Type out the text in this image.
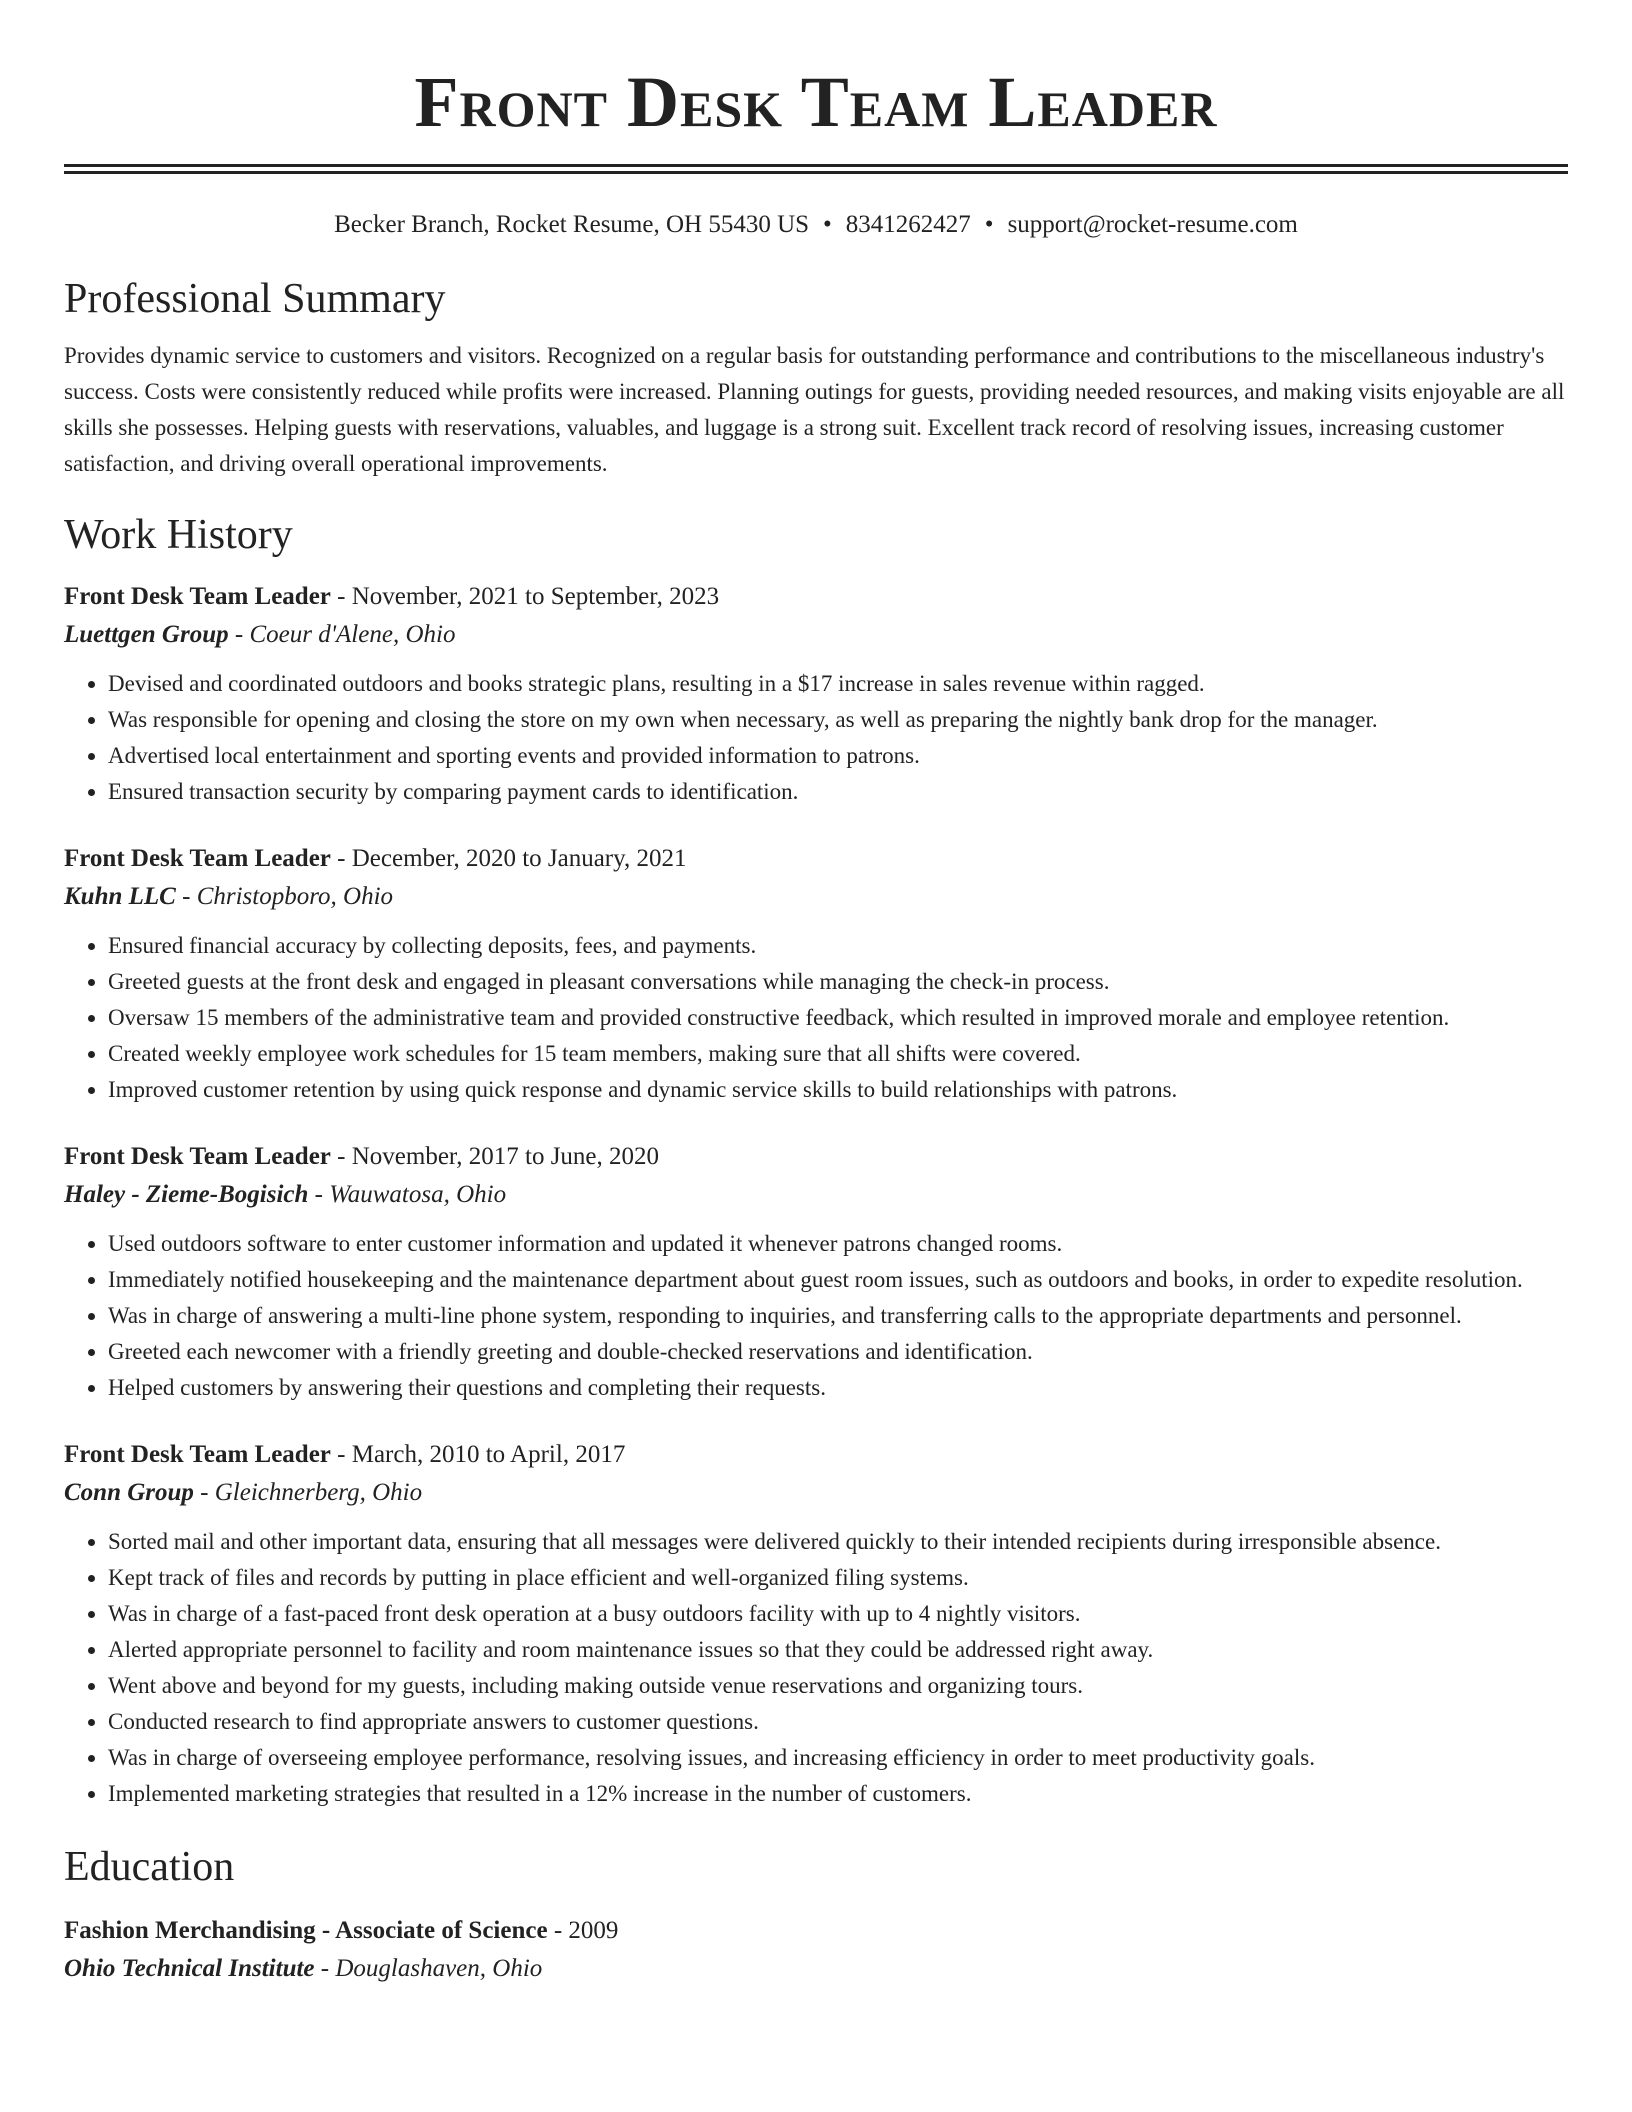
Front Desk Team Leader
Becker Branch, Rocket Resume, OH 55430 US • 8341262427 • support@rocket-resume.com
Professional Summary

Provides dynamic service to customers and visitors. Recognized on a regular basis for outstanding performance and contributions to the miscellaneous industry's success. Costs were consistently reduced while profits were increased. Planning outings for guests, providing needed resources, and making visits enjoyable are all skills she possesses. Helping guests with reservations, valuables, and luggage is a strong suit. Excellent track record of resolving issues, increasing customer satisfaction, and driving overall operational improvements.

Work History
Front Desk Team Leader - November, 2021 to September, 2023
Luettgen Group - Coeur d'Alene, Ohio
• Devised and coordinated outdoors and books strategic plans, resulting in a $17 increase in sales revenue within ragged.
• Was responsible for opening and closing the store on my own when necessary, as well as preparing the nightly bank drop for the manager.
• Advertised local entertainment and sporting events and provided information to patrons.
• Ensured transaction security by comparing payment cards to identification.
Front Desk Team Leader - December, 2020 to January, 2021
Kuhn LLC - Christopboro, Ohio
• Ensured financial accuracy by collecting deposits, fees, and payments.
• Greeted guests at the front desk and engaged in pleasant conversations while managing the check-in process.
• Oversaw 15 members of the administrative team and provided constructive feedback, which resulted in improved morale and employee retention.
• Created weekly employee work schedules for 15 team members, making sure that all shifts were covered.
• Improved customer retention by using quick response and dynamic service skills to build relationships with patrons.
Front Desk Team Leader - November, 2017 to June, 2020
Haley - Zieme-Bogisich - Wauwatosa, Ohio
• Used outdoors software to enter customer information and updated it whenever patrons changed rooms.
• Immediately notified housekeeping and the maintenance department about guest room issues, such as outdoors and books, in order to expedite resolution.
• Was in charge of answering a multi-line phone system, responding to inquiries, and transferring calls to the appropriate departments and personnel.
• Greeted each newcomer with a friendly greeting and double-checked reservations and identification.
• Helped customers by answering their questions and completing their requests.
Front Desk Team Leader - March, 2010 to April, 2017
Conn Group - Gleichnerberg, Ohio
• Sorted mail and other important data, ensuring that all messages were delivered quickly to their intended recipients during irresponsible absence.
• Kept track of files and records by putting in place efficient and well-organized filing systems.
• Was in charge of a fast-paced front desk operation at a busy outdoors facility with up to 4 nightly visitors.
• Alerted appropriate personnel to facility and room maintenance issues so that they could be addressed right away.
• Went above and beyond for my guests, including making outside venue reservations and organizing tours.
• Conducted research to find appropriate answers to customer questions.
• Was in charge of overseeing employee performance, resolving issues, and increasing efficiency in order to meet productivity goals.
• Implemented marketing strategies that resulted in a 12% increase in the number of customers.
Education
Fashion Merchandising - Associate of Science - 2009
Ohio Technical Institute - Douglashaven, Ohio
